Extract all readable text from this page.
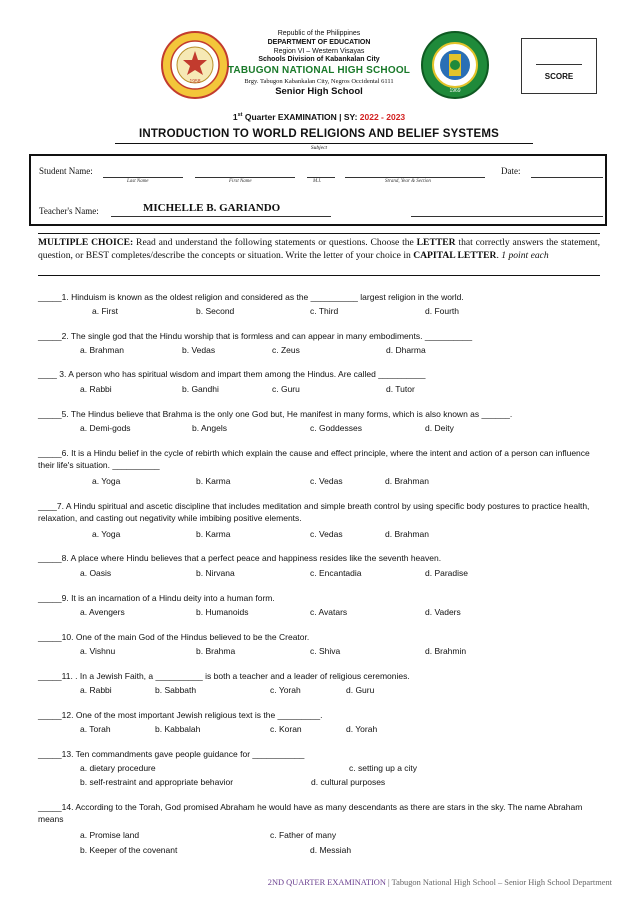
1958
1969
Republic of the Philippines
DEPARTMENT OF EDUCATION
Region VI – Western Visayas
Schools Division of Kabankalan City
TABUGON NATIONAL HIGH SCHOOL
Brgy. Tabugon Kabankalan City, Negros Occidental 6111
Senior High School
SCORE
1st Quarter EXAMINATION | SY: 2022 - 2023
INTRODUCTION TO WORLD RELIGIONS AND BELIEF SYSTEMS
Subject
Student Name:
Last Name	First Name	M.I.	Strand, Year & Section
Date:
Teacher's Name:	MICHELLE B. GARIANDO
MULTIPLE CHOICE: Read and understand the following statements or questions. Choose the LETTER that correctly answers the statement, question, or BEST completes/describe the concepts or situation. Write the letter of your choice in CAPITAL LETTER. 1 point each
_____1. Hinduism is known as the oldest religion and considered as the __________ largest religion in the world.
a. First	b. Second	c. Third	d. Fourth
_____2. The single god that the Hindu worship that is formless and can appear in many embodiments. __________
a. Brahman	b. Vedas	c. Zeus	d. Dharma
____ 3. A person who has spiritual wisdom and impart them among the Hindus. Are called __________
a. Rabbi	b. Gandhi	c. Guru	d. Tutor
_____5. The Hindus believe that Brahma is the only one God but, He manifest in many forms, which is also known as ______.
a. Demi-gods	b. Angels	c. Goddesses	d. Deity
_____6. It is a Hindu belief in the cycle of rebirth which explain the cause and effect principle, where the intent and action of a person can influence their life's situation. __________
a. Yoga	b. Karma	c. Vedas	d. Brahman
____7. A Hindu spiritual and ascetic discipline that includes meditation and simple breath control by using specific body postures to practice health, relaxation, and casting out negativity while imbibing positive elements.
a. Yoga	b. Karma	c. Vedas	d. Brahman
_____8. A place where Hindu believes that a perfect peace and happiness resides like the seventh heaven.
a. Oasis	b. Nirvana	c. Encantadia	d. Paradise
_____9. It is an incarnation of a Hindu deity into a human form.
a. Avengers	b. Humanoids	c. Avatars	d. Vaders
_____10. One of the main God of the Hindus believed to be the Creator.
a. Vishnu	b. Brahma	c. Shiva	d. Brahmin
_____11. . In a Jewish Faith, a __________ is both a teacher and a leader of religious ceremonies.
a. Rabbi	b. Sabbath	c. Yorah	d. Guru
_____12. One of the most important Jewish religious text is the _________.
a. Torah	b. Kabbalah	c. Koran	d. Yorah
_____13. Ten commandments gave people guidance for ___________
a. dietary procedure	c. setting up a city
b. self-restraint and appropriate behavior	d. cultural purposes
_____14. According to the Torah, God promised Abraham he would have as many descendants as there are stars in the sky. The name Abraham means
a. Promise land	c. Father of many
b. Keeper of the covenant	d. Messiah
2ND QUARTER EXAMINATION | Tabugon National High School – Senior High School Department
